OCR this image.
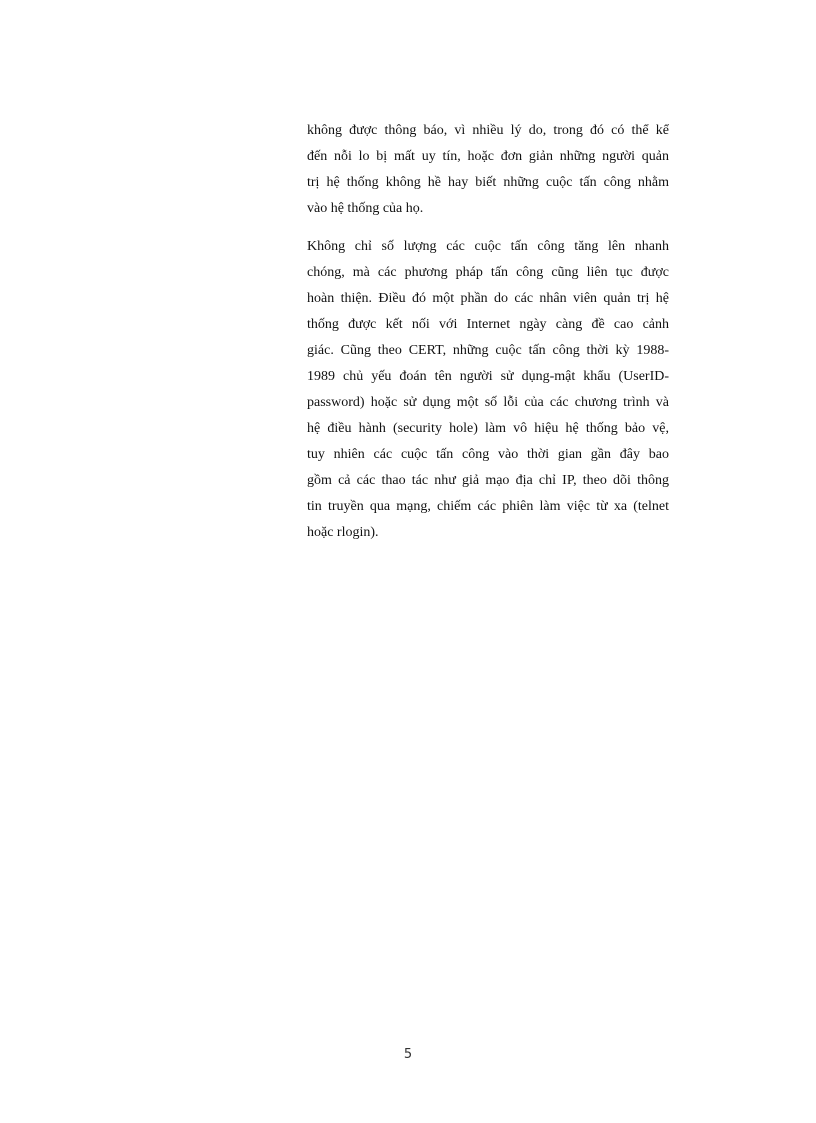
không được thông báo, vì nhiều lý do, trong đó có thể kể
đến nỗi lo bị mất uy tín, hoặc đơn giản những người quản
trị hệ thống không hề hay biết những cuộc tấn công nhằm
vào hệ thống của họ.

Không chỉ số lượng các cuộc tấn công tăng lên nhanh
chóng, mà các phương pháp tấn công cũng liên tục được
hoàn thiện. Điều đó một phần do các nhân viên quản trị hệ
thống được kết nối với Internet ngày càng đề cao cảnh
giác. Cũng theo CERT, những cuộc tấn công thời kỳ 1988-
1989 chủ yếu đoán tên người sử dụng-mật khẩu (UserID-
password) hoặc sử dụng một số lỗi của các chương trình và
hệ điều hành (security hole) làm vô hiệu hệ thống bảo vệ,
tuy nhiên các cuộc tấn công vào thời gian gần đây bao
gồm cả các thao tác như giả mạo địa chỉ IP, theo dõi thông
tin truyền qua mạng, chiếm các phiên làm việc từ xa (telnet
hoặc rlogin).

5
